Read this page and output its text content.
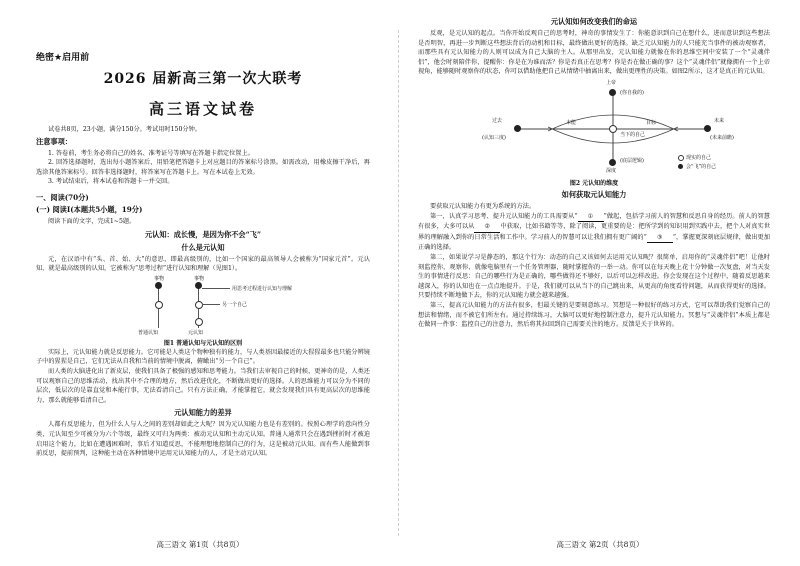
绝密★启用前
2026 届新高三第一次大联考
高三语文试卷

试卷共8页，23小题，满分150分。考试用时150分钟。

注意事项：

1. 答卷前，考生务必将自己的姓名、准考证号等填写在答题卡指定位置上。

2. 回答选择题时，选出每小题答案后，用铅笔把答题卡上对应题目的答案标号涂黑。如需改动，用橡皮擦干净后，再选涂其他答案标号。回答非选择题时，将答案写在答题卡上。写在本试卷上无效。

3. 考试结束后，将本试卷和答题卡一并交回。

一、阅读(70分)
(一) 阅读Ⅰ(本题共5小题，19分)

阅读下面的文字，完成1~5题。

元认知：成长慢，是因为你不会“飞”
什么是元认知

元，在汉语中有“头、首、始、大”的意思，即最高级别的，比如一个国家的最高领导人会被称为“国家元首”。元认知，就是最高级别的认知，它被称为“思考过程”进行认知和理解（见图1）。

事物	事物
用思考过程进行认知与理解
另一个自己
普通认知	元认知
图1 普通认知与元认知的区别

实际上，元认知能力就是反思能力。它可能是人类这个物种独有的能力，与人类基因最接近的大猩猩最多也只能分辨镜子中的猩猩是自己，它们无法从自我和当前的情境中脱离，俯瞰出“另一个自己”。

而人类的大脑进化出了新皮层，使我们具备了极强的感知和思考能力。当我们去审视自己的时候，更神奇的是，人类还可以观察自己的思维活动，找出其中不合理的地方，然后改进优化，不断做出更好的选择。人的思维能力可以分为不同的层次，低层次的是靠直觉和本能行事，无法看清自己。只有方法正确，才能掌握它，就会发现我们具有更高层次的思维能力，那么就能够看清自己。

元认知能力的差异

人都有反思能力，但为什么人与人之间的差别却如此之大呢？因为元认知能力也是有差别的。按照心理学的意向性分类，元认知至少可被分为六个等级，最终又可归为两类：被动元认知和主动元认知。普通人通常只会在遇到挫折时才被迫启用这个能力，比如在遭遇困难时，事后才知道反思，不能理想地控制自己的行为，这是被动元认知。而有些人能做到事前反思，提前预判，这种能主动在各种情境中运用元认知能力的人，才是主动元认知。

高三语文 第1页（共8页）
元认知如何改变我们的命运

反观，是元认知的起点。当你开始反观自己的思考时，神奇的事情发生了：你能意识到自己在想什么，进而意识到这些想法是否明智，再进一步判断这些想法背后的动机和目标，最终做出更好的选择。缺乏元认知能力的人只能充当事件的被动观察者，而那些具有元认知能力的人则可以成为自己大脑的主人。从那里出发，元认知能力就像在你的思维空间中安装了一个“灵魂伴侣”，他会时刻陪伴你，提醒你：你是在为谁而活？你是否真正在思考？你是否在做正确的事？这个“灵魂伴侣”就像拥有一个上帝视角，能够随时观察你的状态，你可以借助他把自己从情绪中抽离出来，做出更理性的决策。如图2所示，这才是真正的元认知。

上帝
(你自我的)
过去
(认知三度)
未来
(未来前瞻)
深度
(底层逻辑)
当下的自己
本能	目标
现实的自己
会“飞”的自己
图2 元认知的维度
如何获取元认知能力

要获取元认知能力有更为系统的方法。

第一，认真学习思考、提升元认知能力的工具需要从“ ① ”做起，包括学习前人的智慧和反思自身的经历。前人的智慧有很多，大多可以从 ② 中获取，比如书籍等等，除了阅读，更重要的是：把所学到的知识用到实践中去，把个人对真实世界的理解融入到你的日常生活和工作中。学习前人的智慧可以让我们拥有更广阔的“ ③ ”，掌握更深刻底层规律，做出更加正确的选择。

第二，如果说学习是静态的，那这个行为：动态的自己又该如何去运用元认知呢？很简单，启用你的“灵魂伴侣”吧！让他时刻监控你，观察你，就像电脑里有一个任务管理器，随时掌握你的一举一动。你可以在每天晚上花十分钟做一次复盘，对当天发生的事情进行反思：自己的哪些行为是正确的，哪些做得还不够好，以后可以怎样改进。你会发现在这个过程中，随着反思越来越深入，你的认知也在一点点地提升。于是，我们就可以从当下的自己跳出来，从更高的角度看待问题，从而获得更好的选择。只要持续不断地做下去，你的元认知能力就会越来越强。

第三，提高元认知能力的方法有很多，但最关键的是要刻意练习。冥想是一种很好的练习方式，它可以帮助我们觉察自己的想法和情绪，而不被它们所左右。通过持续练习，大脑可以更好地控制注意力，提升元认知能力。冥想与“灵魂伴侣”本质上都是在做同一件事：监控自己的注意力，然后将其拉回到自己需要关注的地方。反馈是关于世界的。

高三语文 第2页（共8页）
